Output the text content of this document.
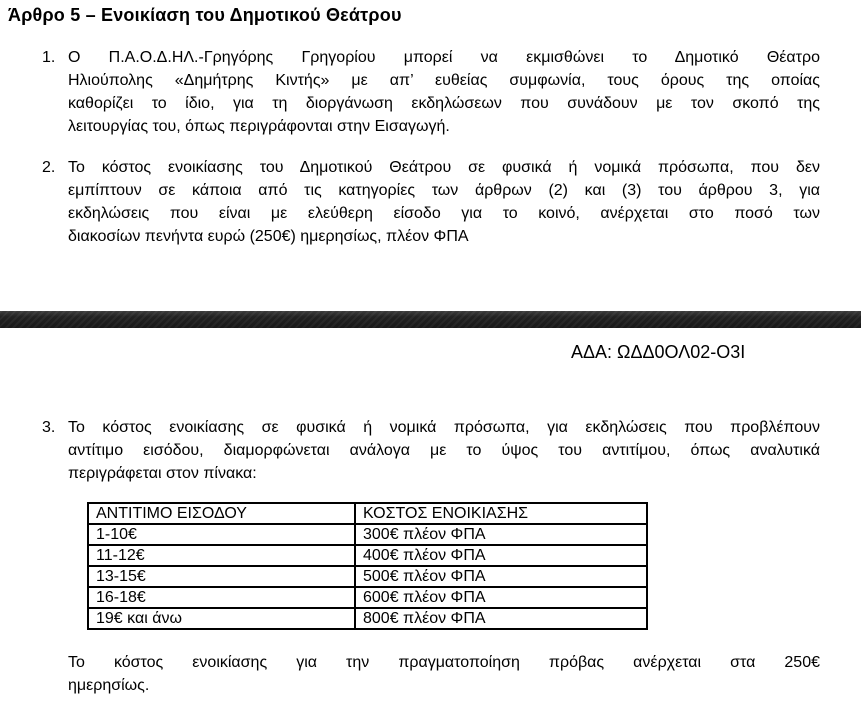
Άρθρο 5 – Ενοικίαση του Δημοτικού Θεάτρου
1. Ο Π.Α.Ο.Δ.ΗΛ.-Γρηγόρης Γρηγορίου μπορεί να εκμισθώνει το Δημοτικό Θέατρο
Ηλιούπολης «Δημήτρης Κιντής» με απ’ ευθείας συμφωνία, τους όρους της οποίας
καθορίζει το ίδιο, για τη διοργάνωση εκδηλώσεων που συνάδουν με τον σκοπό της
λειτουργίας του, όπως περιγράφονται στην Εισαγωγή.
2. Το κόστος ενοικίασης του Δημοτικού Θεάτρου σε φυσικά ή νομικά πρόσωπα, που δεν
εμπίπτουν σε κάποια από τις κατηγορίες των άρθρων (2) και (3) του άρθρου 3, για
εκδηλώσεις που είναι με ελεύθερη είσοδο για το κοινό, ανέρχεται στο ποσό των
διακοσίων πενήντα ευρώ (250€) ημερησίως, πλέον ΦΠΑ
ΑΔΑ: ΩΔΔ0ΟΛ02-Ο3Ι
3. Το κόστος ενοικίασης σε φυσικά ή νομικά πρόσωπα, για εκδηλώσεις που προβλέπουν
αντίτιμο εισόδου, διαμορφώνεται ανάλογα με το ύψος του αντιτίμου, όπως αναλυτικά
περιγράφεται στον πίνακα:
ΑΝΤΙΤΙΜΟ ΕΙΣΟΔΟΥ	ΚΟΣΤΟΣ ΕΝΟΙΚΙΑΣΗΣ
1-10€	300€ πλέον ΦΠΑ
11-12€	400€ πλέον ΦΠΑ
13-15€	500€ πλέον ΦΠΑ
16-18€	600€ πλέον ΦΠΑ
19€ και άνω	800€ πλέον ΦΠΑ
Το κόστος ενοικίασης για την πραγματοποίηση πρόβας ανέρχεται στα 250€
ημερησίως.
